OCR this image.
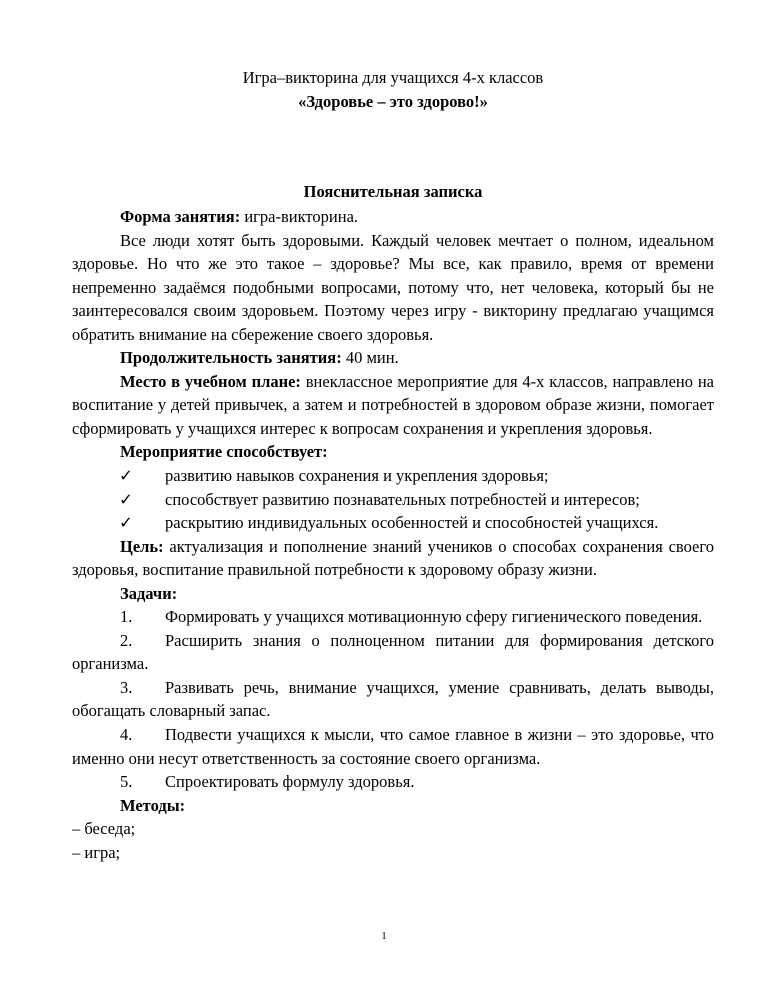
Игра–викторина для учащихся 4-х классов
«Здоровье – это здорово!»
Пояснительная записка

Форма занятия: игра-викторина.

Все люди хотят быть здоровыми. Каждый человек мечтает о полном, идеальном здоровье. Но что же это такое – здоровье? Мы все, как правило, время от времени непременно задаёмся подобными вопросами, потому что, нет человека, который бы не заинтересовался своим здоровьем. Поэтому через игру - викторину предлагаю учащимся обратить внимание на сбережение своего здоровья.

Продолжительность занятия: 40 мин.

Место в учебном плане: внеклассное мероприятие для 4-х классов, направлено на воспитание у детей привычек, а затем и потребностей в здоровом образе жизни, помогает сформировать у учащихся интерес к вопросам сохранения и укрепления здоровья.

Мероприятие способствует:

✓ развитию навыков сохранения и укрепления здоровья;

✓ способствует развитию познавательных потребностей и интересов;

✓ раскрытию индивидуальных особенностей и способностей учащихся.

Цель: актуализация и пополнение знаний учеников о способах сохранения своего здоровья, воспитание правильной потребности к здоровому образу жизни.

Задачи:

1. Формировать у учащихся мотивационную сферу гигиенического поведения.

2. Расширить знания о полноценном питании для формирования детского организма.

3. Развивать речь, внимание учащихся, умение сравнивать, делать выводы, обогащать словарный запас.

4. Подвести учащихся к мысли, что самое главное в жизни – это здоровье, что именно они несут ответственность за состояние своего организма.

5. Спроектировать формулу здоровья.

Методы:

– беседа;

– игра;

1
